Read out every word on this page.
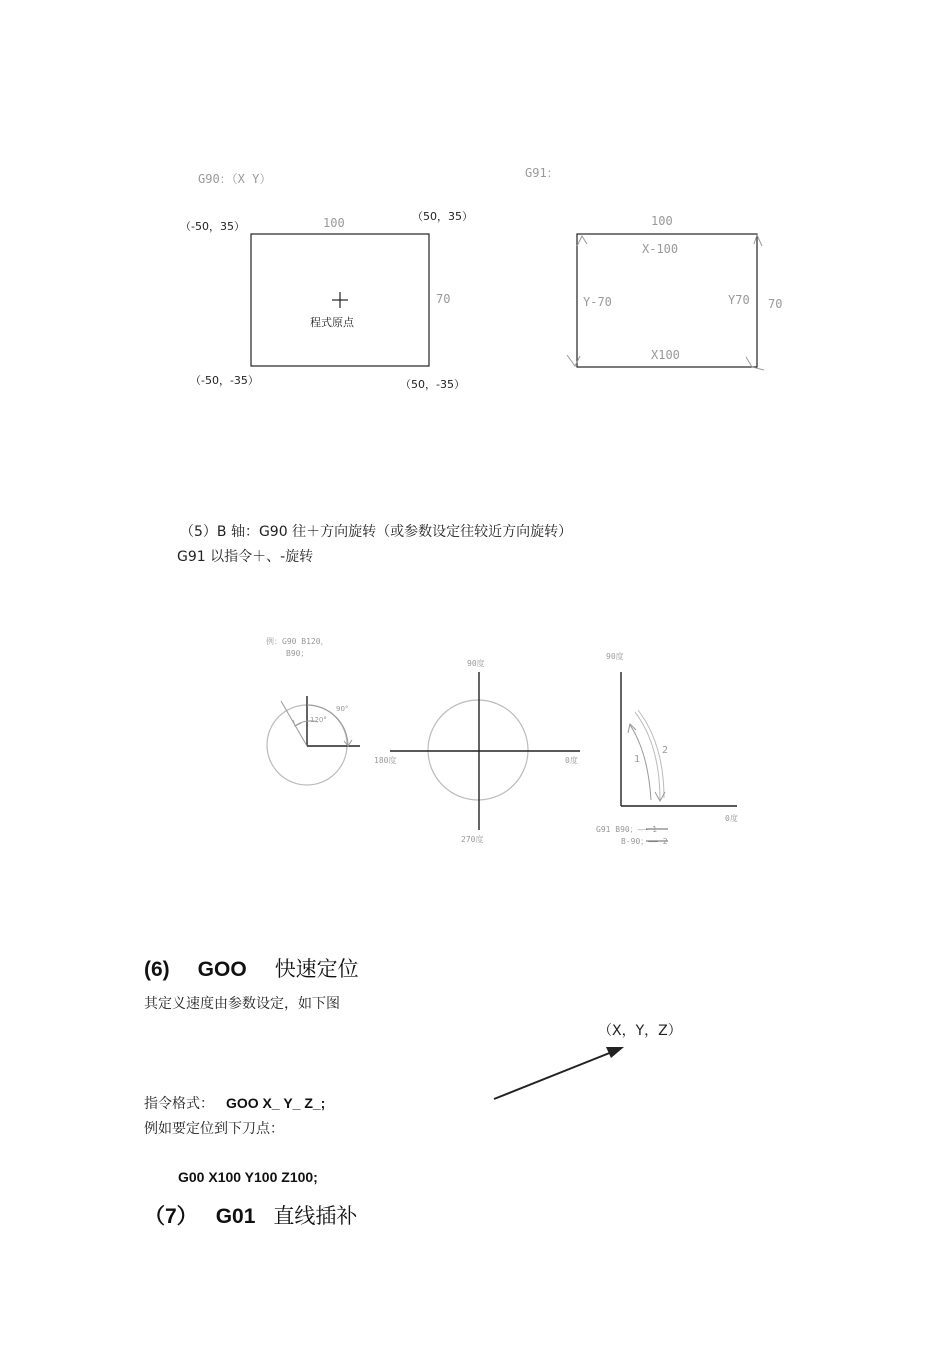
G90：（X Y）	G91：
（-50，35）
（50，35）
（-50，-35）	（50，-35）
100
70
程式原点
100
70
X-100
X100
Y-70	Y70
（5）B 轴：G90 往＋方向旋转（或参数设定往较近方向旋转）
G91 以指令＋、-旋转
例：G90 B120，
B90；
90°
120°
90度
180度	0度
270度
90度
0度
1
2
G91 B90；—— 1
B-90；—— 2
(6) GOO 快速定位
其定义速度由参数设定，如下图
（X，Y，Z）
指令格式： GOO X_ Y_ Z_;
例如要定位到下刀点：
G00 X100 Y100 Z100;
（7） G01 直线插补
